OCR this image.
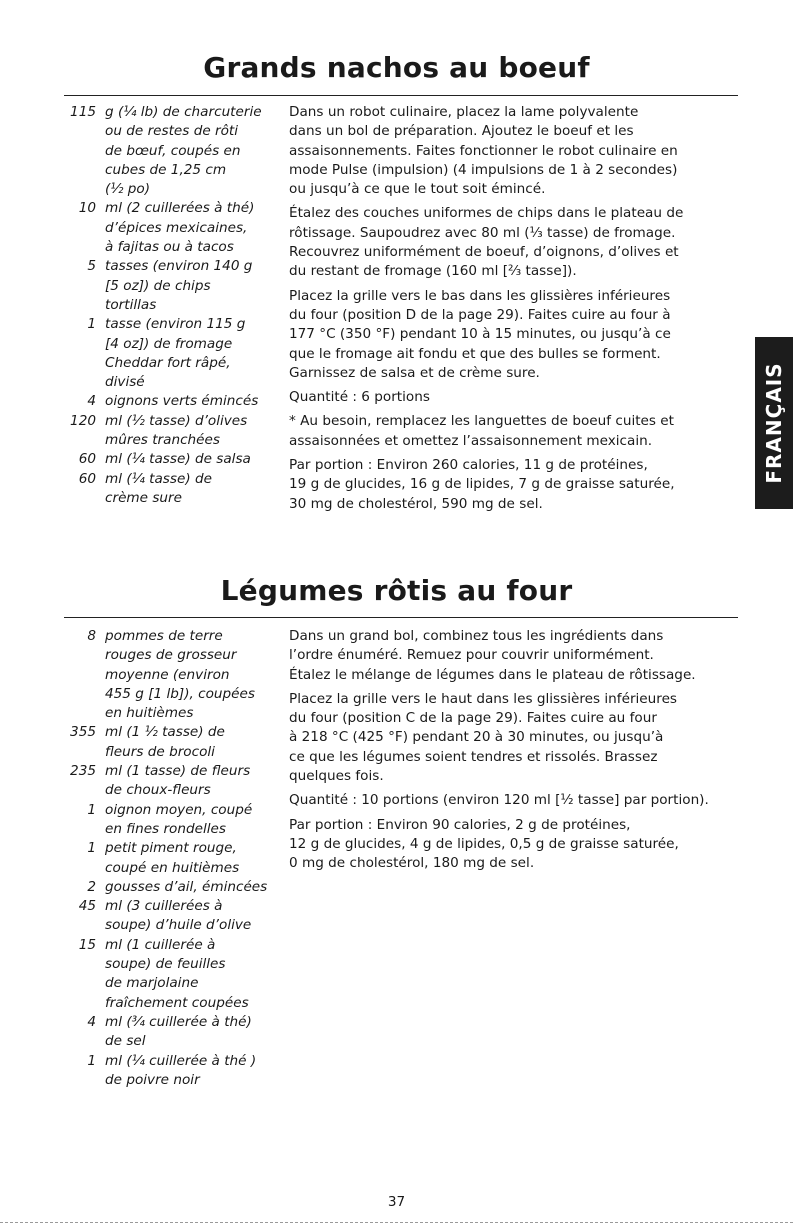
Grands nachos au boeuf
115 g (¹⁄₄ lb) de charcuterie
ou de restes de rôti
de bœuf, coupés en
cubes de 1,25 cm
(¹⁄₂ po)
10 ml (2 cuillerées à thé)
d’épices mexicaines,
à fajitas ou à tacos
5 tasses (environ 140 g
[5 oz]) de chips
tortillas
1 tasse (environ 115 g
[4 oz]) de fromage
Cheddar fort râpé,
divisé
4 oignons verts émincés
120 ml (¹⁄₂ tasse) d’olives
mûres tranchées
60 ml (¹⁄₄ tasse) de salsa
60 ml (¹⁄₄ tasse) de
crème sure

Dans un robot culinaire, placez la lame polyvalente
dans un bol de préparation. Ajoutez le boeuf et les
assaisonnements. Faites fonctionner le robot culinaire en
mode Pulse (impulsion) (4 impulsions de 1 à 2 secondes)
ou jusqu’à ce que le tout soit émincé.

Étalez des couches uniformes de chips dans le plateau de
rôtissage. Saupoudrez avec 80 ml (¹⁄₃ tasse) de fromage.
Recouvrez uniformément de boeuf, d’oignons, d’olives et
du restant de fromage (160 ml [²⁄₃ tasse]).

Placez la grille vers le bas dans les glissières inférieures
du four (position D de la page 29). Faites cuire au four à
177 °C (350 °F) pendant 10 à 15 minutes, ou jusqu’à ce
que le fromage ait fondu et que des bulles se forment.
Garnissez de salsa et de crème sure.

Quantité : 6 portions

* Au besoin, remplacez les languettes de boeuf cuites et
assaisonnées et omettez l’assaisonnement mexicain.

Par portion : Environ 260 calories, 11 g de protéines,
19 g de glucides, 16 g de lipides, 7 g de graisse saturée,
30 mg de cholestérol, 590 mg de sel.

Légumes rôtis au four
8 pommes de terre
rouges de grosseur
moyenne (environ
455 g [1 lb]), coupées
en huitièmes
355 ml (1 ¹⁄₂ tasse) de
fleurs de brocoli
235 ml (1 tasse) de fleurs
de choux-fleurs
1 oignon moyen, coupé
en fines rondelles
1 petit piment rouge,
coupé en huitièmes
2 gousses d’ail, émincées
45 ml (3 cuillerées à
soupe) d’huile d’olive
15 ml (1 cuillerée à
soupe) de feuilles
de marjolaine
fraîchement coupées
4 ml (³⁄₄ cuillerée à thé)
de sel
1 ml (¹⁄₄ cuillerée à thé )
de poivre noir

Dans un grand bol, combinez tous les ingrédients dans
l’ordre énuméré. Remuez pour couvrir uniformément.
Étalez le mélange de légumes dans le plateau de rôtissage.

Placez la grille vers le haut dans les glissières inférieures
du four (position C de la page 29). Faites cuire au four
à 218 °C (425 °F) pendant 20 à 30 minutes, ou jusqu’à
ce que les légumes soient tendres et rissolés. Brassez
quelques fois.

Quantité : 10 portions (environ 120 ml [¹⁄₂ tasse] par portion).

Par portion : Environ 90 calories, 2 g de protéines,
12 g de glucides, 4 g de lipides, 0,5 g de graisse saturée,
0 mg de cholestérol, 180 mg de sel.

FRANÇAIS
37
